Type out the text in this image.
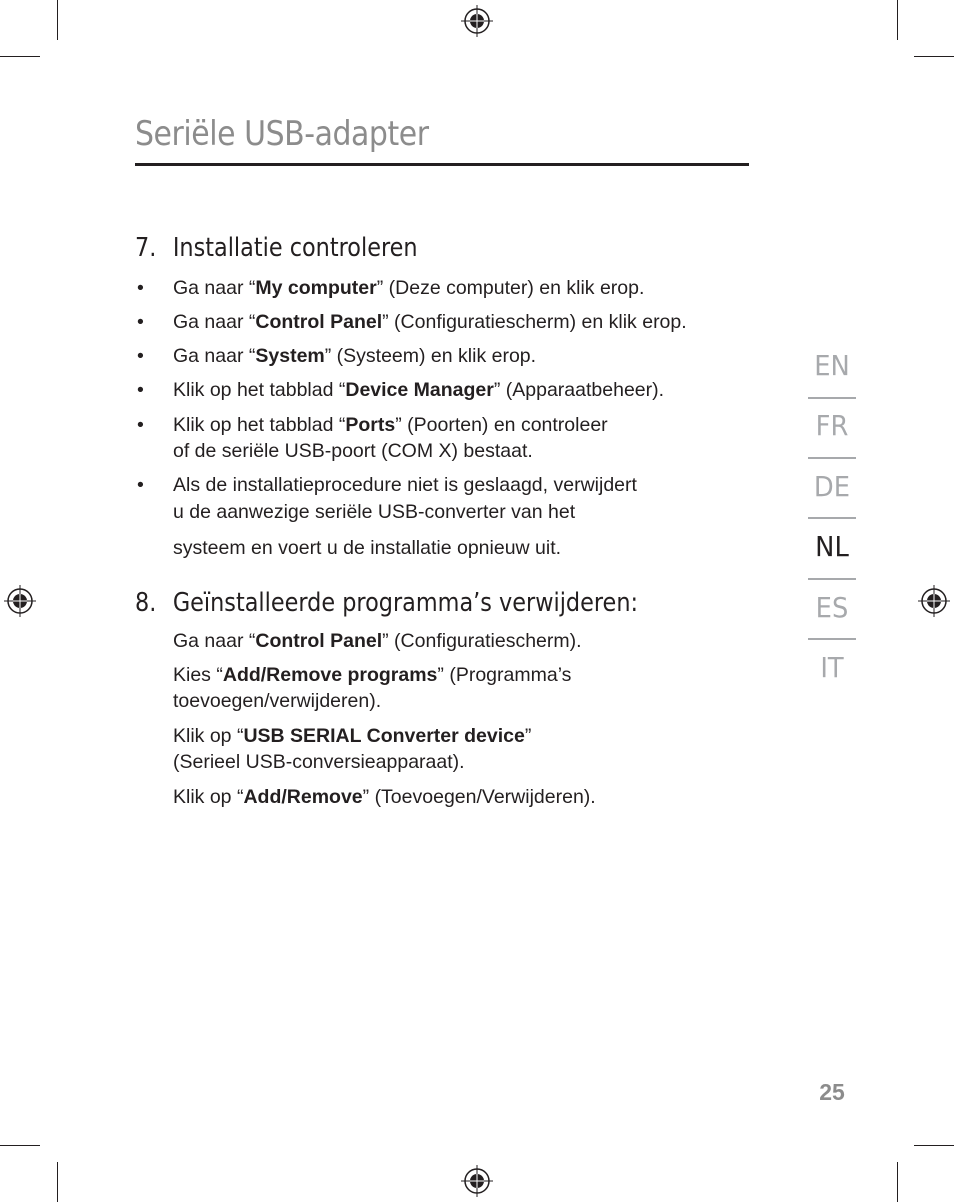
Seriële USB-adapter
7. Installatie controleren
• Ga naar “My computer” (Deze computer) en klik erop.
• Ga naar “Control Panel” (Configuratiescherm) en klik erop.
• Ga naar “System” (Systeem) en klik erop.
• Klik op het tabblad “Device Manager” (Apparaatbeheer).
• Klik op het tabblad “Ports” (Poorten) en controleer
of de seriële USB-poort (COM X) bestaat.
• Als de installatieprocedure niet is geslaagd, verwijdert
u de aanwezige seriële USB-converter van het
systeem en voert u de installatie opnieuw uit.
8. Geïnstalleerde programma’s verwijderen:
Ga naar “Control Panel” (Configuratiescherm).
Kies “Add/Remove programs” (Programma’s
toevoegen/verwijderen).
Klik op “USB SERIAL Converter device”
(Serieel USB-conversieapparaat).
Klik op “Add/Remove” (Toevoegen/Verwijderen).
EN
FR
DE
NL
ES
IT
25
